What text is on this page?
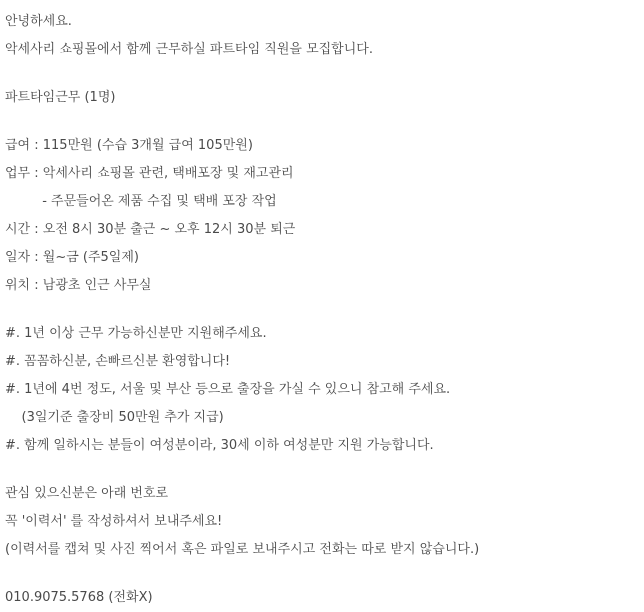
안녕하세요.
악세사리 쇼핑몰에서 함께 근무하실 파트타임 직원을 모집합니다.
파트타임근무 (1명)
급여 : 115만원 (수습 3개월 급여 105만원)
업무 : 악세사리 쇼핑몰 관련, 택배포장 및 재고관리
- 주문들어온 제품 수집 및 택배 포장 작업
시간 : 오전 8시 30분 출근 ~ 오후 12시 30분 퇴근
일자 : 월~금 (주5일제)
위치 : 남광초 인근 사무실
#. 1년 이상 근무 가능하신분만 지원해주세요.
#. 꼼꼼하신분, 손빠르신분 환영합니다!
#. 1년에 4번 정도, 서울 및 부산 등으로 출장을 가실 수 있으니 참고해 주세요.
(3일기준 출장비 50만원 추가 지급)
#. 함께 일하시는 분들이 여성분이라, 30세 이하 여성분만 지원 가능합니다.
관심 있으신분은 아래 번호로
꼭 '이력서' 를 작성하셔서 보내주세요!
(이력서를 캡쳐 및 사진 찍어서 혹은 파일로 보내주시고 전화는 따로 받지 않습니다.)
010.9075.5768 (전화X)
